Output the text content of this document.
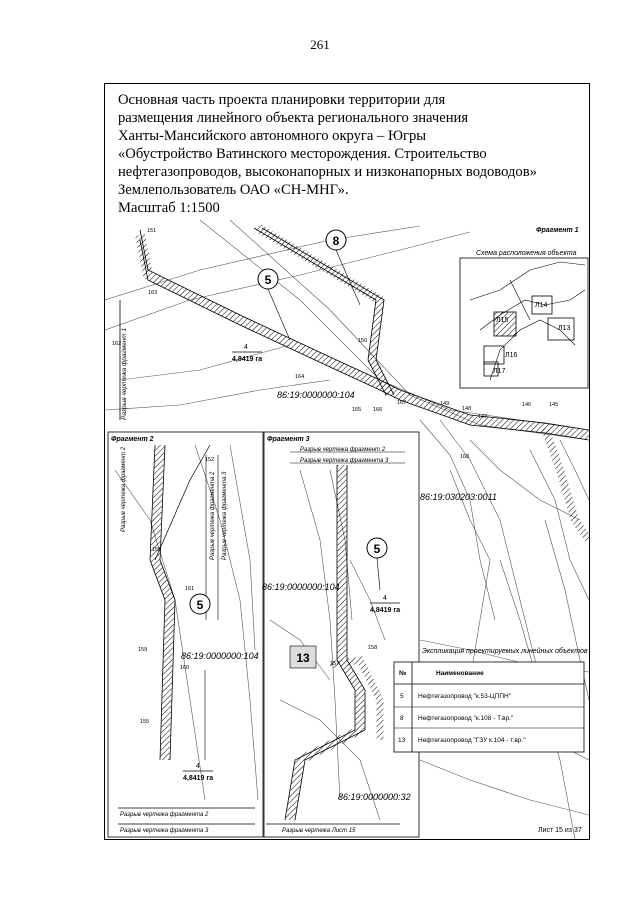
261
Основная часть проекта планировки территории для
размещения линейного объекта регионального значения
Ханты-Мансийского автономного округа – Югры
«Обустройство Ватинского месторождения. Строительство
нефтегазопроводов, высоконапорных и низконапорных водоводов»
Землепользователь ОАО «СН-МНГ».
Масштаб 1:1500
Разрыв чертежа фрагмент 1
Фрагмент 1
Схема расположения объекта
Л14
Л15
Л13
Л16
Л17
8
5
4
4,8419 га
86:19:0000000:104
86:19:030203:0011
151
163
162
164
165 166
167
168
149
148
147
146	145
150
Фрагмент 2
Разрыв чертежа фрагмент 2	Разрыв чертежа фрагмента 2 Разрыв чертежа фрагмента 3
5
86:19:0000000:104
4
4,8419 га
152
153
161
159
160
155
Разрыв чертежа фрагмента 2
Разрыв чертежа фрагмента 3
Фрагмент 3
Разрыв чертежа фрагмент 2
Разрыв чертежа фрагмента 3
5
86:19:0000000:104
4
4,8419 га
13	157
158
86:19:0000000:32
Разрыв чертежа Лист 15
Экспликация проектируемых линейных объектов
№	Наименование
5 Нефтегазопровод "к.53-ЦППН"
8 Нефтегазопровод "к.108 - Т.вр."
13 Нефтегазопровод "ГЗУ к.104 - т.вр."
Лист 15 из 37
